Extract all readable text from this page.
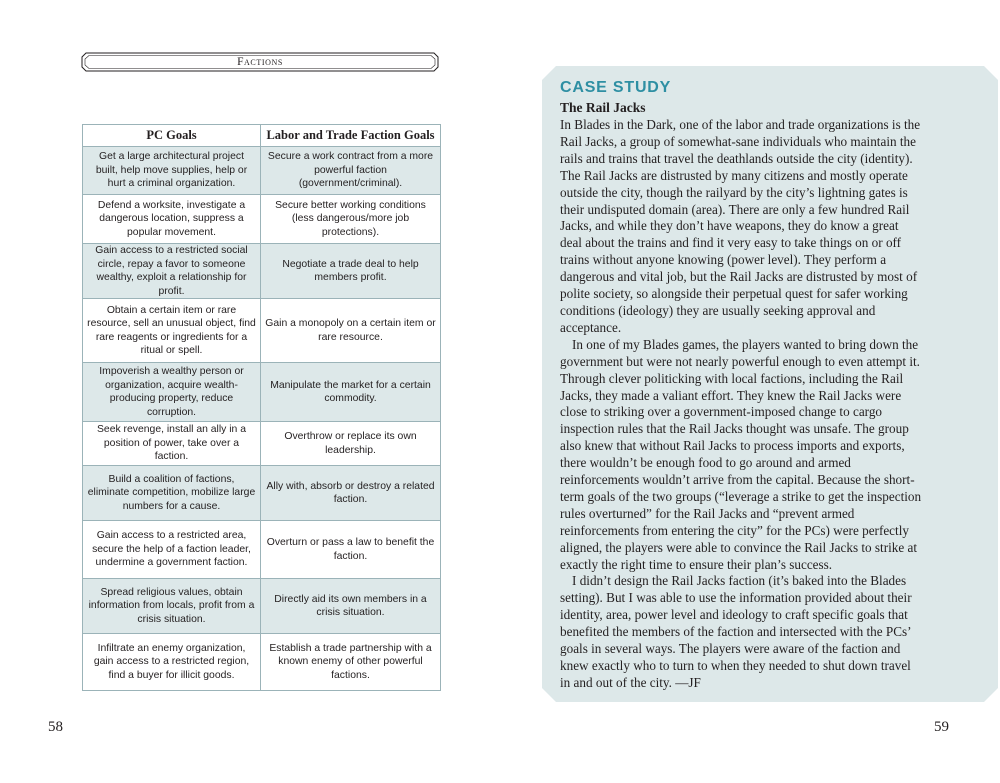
Factions
PC Goals	Labor and Trade Faction Goals
Get a large architectural project built, help move supplies, help or hurt a criminal organization.	Secure a work contract from a more powerful faction (government/criminal).
Defend a worksite, investigate a dangerous location, suppress a popular movement.	Secure better working conditions (less dangerous/more job protections).
Gain access to a restricted social circle, repay a favor to someone wealthy, exploit a relationship for profit.	Negotiate a trade deal to help members profit.
Obtain a certain item or rare resource, sell an unusual object, find rare reagents or ingredients for a ritual or spell.	Gain a monopoly on a certain item or rare resource.
Impoverish a wealthy person or organization, acquire wealth-producing property, reduce corruption.	Manipulate the market for a certain commodity.
Seek revenge, install an ally in a position of power, take over a faction.	Overthrow or replace its own leadership.
Build a coalition of factions, eliminate competition, mobilize large numbers for a cause.	Ally with, absorb or destroy a related faction.
Gain access to a restricted area, secure the help of a faction leader, undermine a government faction.	Overturn or pass a law to benefit the faction.
Spread religious values, obtain information from locals, profit from a crisis situation.	Directly aid its own members in a crisis situation.
Infiltrate an enemy organization, gain access to a restricted region, find a buyer for illicit goods.	Establish a trade partnership with a known enemy of other powerful factions.
58
CASE STUDY
The Rail Jacks

In Blades in the Dark, one of the labor and trade organizations is the Rail Jacks, a group of somewhat-sane individuals who maintain the rails and trains that travel the deathlands outside the city (identity). The Rail Jacks are distrusted by many citizens and mostly operate outside the city, though the railyard by the city’s lightning gates is their undisputed domain (area). There are only a few hundred Rail Jacks, and while they don’t have weapons, they do know a great deal about the trains and find it very easy to take things on or off trains without anyone knowing (power level). They perform a dangerous and vital job, but the Rail Jacks are distrusted by most of polite society, so alongside their perpetual quest for safer working conditions (ideology) they are usually seeking approval and acceptance.

In one of my Blades games, the players wanted to bring down the government but were not nearly powerful enough to even attempt it. Through clever politicking with local factions, including the Rail Jacks, they made a valiant effort. They knew the Rail Jacks were close to striking over a government-imposed change to cargo inspection rules that the Rail Jacks thought was unsafe. The group also knew that without Rail Jacks to process imports and exports, there wouldn’t be enough food to go around and armed reinforcements wouldn’t arrive from the capital. Because the short-term goals of the two groups (“leverage a strike to get the inspection rules overturned” for the Rail Jacks and “prevent armed reinforcements from entering the city” for the PCs) were perfectly aligned, the players were able to convince the Rail Jacks to strike at exactly the right time to ensure their plan’s success.

I didn’t design the Rail Jacks faction (it’s baked into the Blades setting). But I was able to use the information provided about their identity, area, power level and ideology to craft specific goals that benefited the members of the faction and intersected with the PCs’ goals in several ways. The players were aware of the faction and knew exactly who to turn to when they needed to shut down travel in and out of the city. —JF

59
